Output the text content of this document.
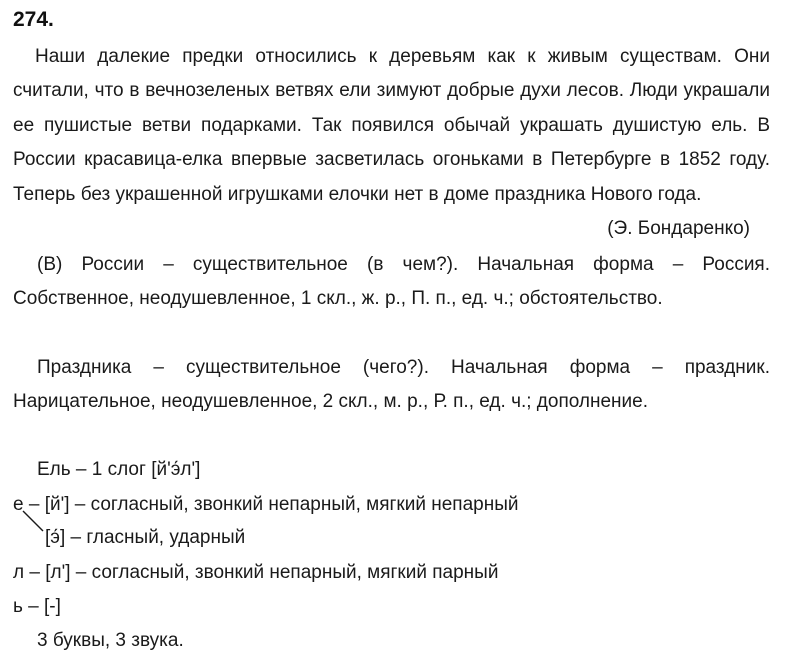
274.
Наши далекие предки относились к деревьям как к живым существам. Они считали, что в вечнозеленых ветвях ели зимуют добрые духи лесов. Люди украшали ее пушистые ветви подарками. Так появился обычай украшать душистую ель. В России красавица-елка впервые засветилась огоньками в Петербурге в 1852 году. Теперь без украшенной игрушками елочки нет в доме праздника Нового года.
(Э. Бондаренко)
(В) России – существительное (в чем?). Начальная форма – Россия. Собственное, неодушевленное, 1 скл., ж. р., П. п., ед. ч.; обстоятельство.
Праздника – существительное (чего?). Начальная форма – праздник. Нарицательное, неодушевленное, 2 скл., м. р., Р. п., ед. ч.; дополнение.
Ель – 1 слог [й'э́л']
е – [й'] – согласный, звонкий непарный, мягкий непарный
[э́] – гласный, ударный
л – [л'] – согласный, звонкий непарный, мягкий парный
ь – [-]
3 буквы, 3 звука.
